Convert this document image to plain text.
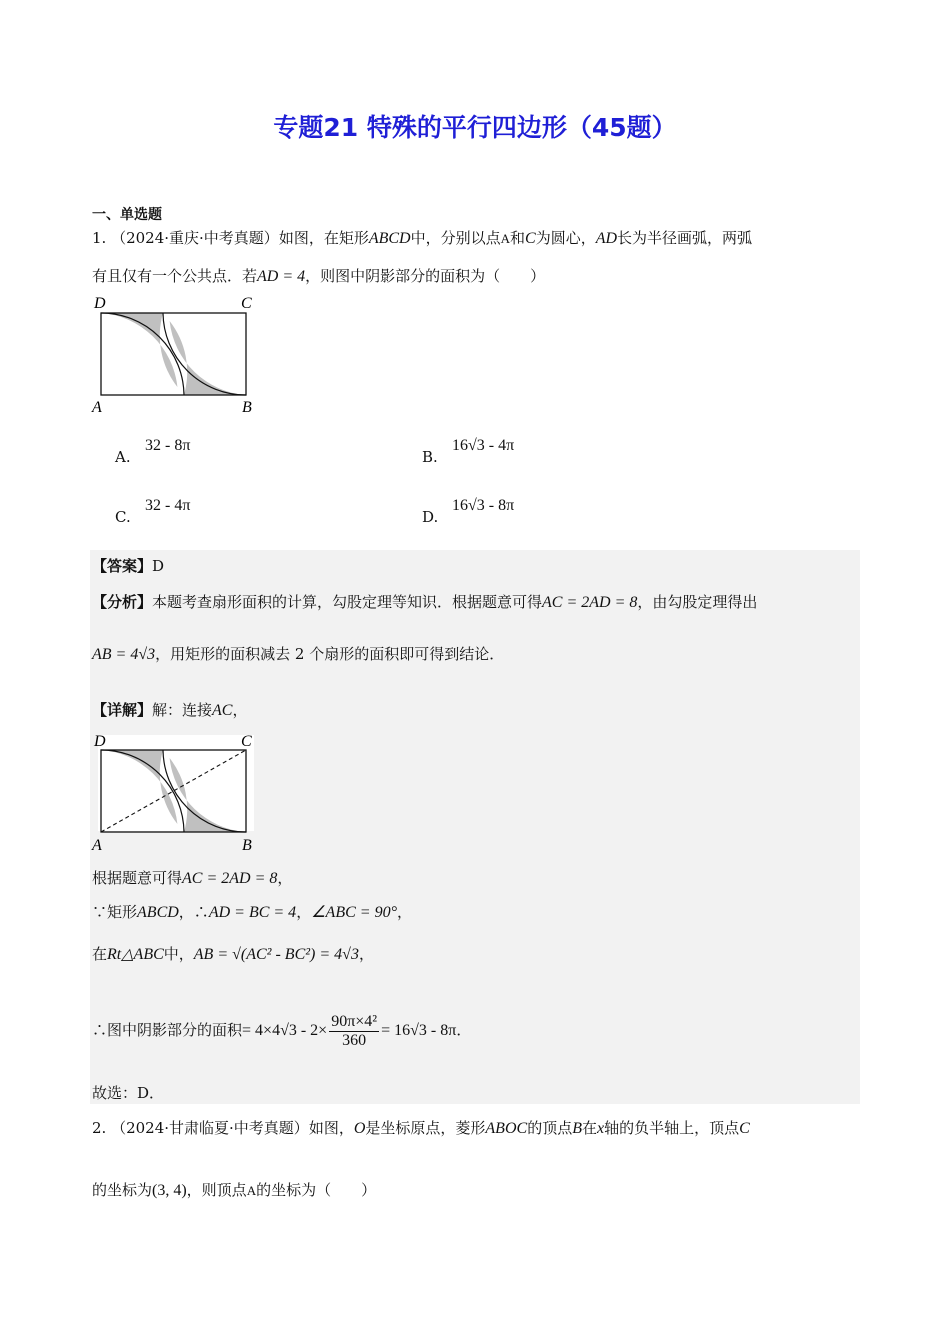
专题21 特殊的平行四边形（45题）
一、单选题
1. （2024·重庆·中考真题）如图，在矩形ABCD中，分别以点A和C为圆心，AD长为半径画弧，两弧
有且仅有一个公共点．若AD = 4，则图中阴影部分的面积为（　　）
D	C
A	B
A.
32 - 8π
B.
16√3 - 4π
C.
32 - 4π
D.
16√3 - 8π
【答案】D
【分析】本题考查扇形面积的计算，勾股定理等知识．根据题意可得AC = 2AD = 8，由勾股定理得出
AB = 4√3，用矩形的面积减去 2 个扇形的面积即可得到结论．
【详解】解：连接AC，
D	C
A	B
根据题意可得AC = 2AD = 8，
∵矩形ABCD，∴AD = BC = 4，∠ABC = 90°，
在Rt△ABC中，AB = √(AC² - BC²) = 4√3，
∴图中阴影部分的面积= $4\times 4√3 - 2\times \frac{\text{90π×4²}}{360} = 16√3 - 8\pi$．
故选：D．
2. （2024·甘肃临夏·中考真题）如图，O是坐标原点，菱形ABOC的顶点B在x轴的负半轴上，顶点C
的坐标为(3, 4)，则顶点A的坐标为（　　）
